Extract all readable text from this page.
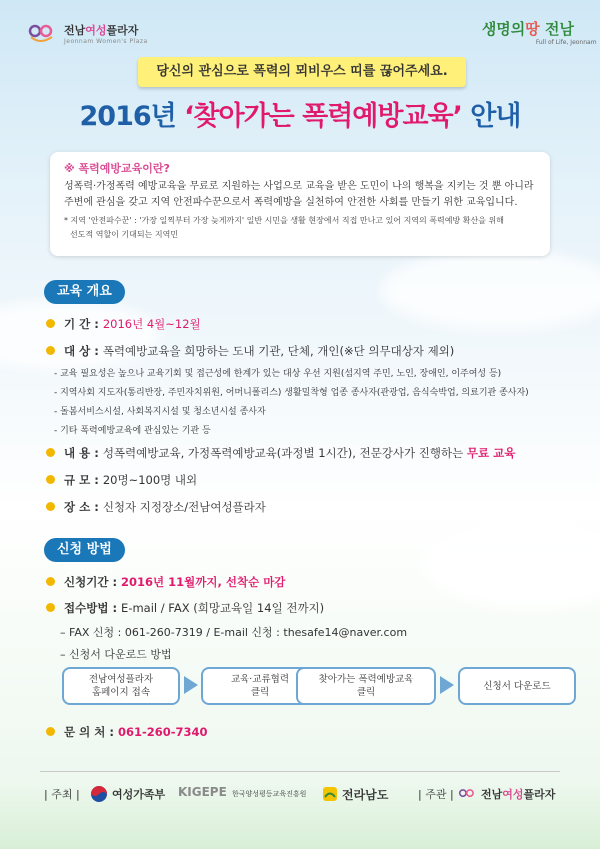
전남여성플라자
Jeonnam Women's Plaza
생명의땅 전남
Full of Life, Jeonnam
당신의 관심으로 폭력의 뫼비우스 띠를 끊어주세요.
2016년 ‘찾아가는 폭력예방교육’ 안내
※ 폭력예방교육이란?
성폭력·가정폭력 예방교육을 무료로 지원하는 사업으로 교육을 받은 도민이 나의 행복을 지키는 것 뿐 아니라
주변에 관심을 갖고 지역 안전파수꾼으로서 폭력예방을 실천하여 안전한 사회를 만들기 위한 교육입니다.
* 지역 '안전파수꾼' : '가장 일찍부터 가장 늦게까지' 일반 시민을 생활 현장에서 직접 만나고 있어 지역의 폭력예방 확산을 위해
선도적 역할이 기대되는 지역민
교육 개요
기 간 : 2016년 4월~12월
대 상 : 폭력예방교육을 희망하는 도내 기관, 단체, 개인(※단 의무대상자 제외)
- 교육 필요성은 높으나 교육기회 및 접근성에 한계가 있는 대상 우선 지원(섬지역 주민, 노인, 장애인, 이주여성 등)
- 지역사회 지도자(통리반장, 주민자치위원, 어머니폴리스) 생활밀착형 업종 종사자(관광업, 음식숙박업, 의료기관 종사자)
- 돌봄서비스시설, 사회복지시설 및 청소년시설 종사자
- 기타 폭력예방교육에 관심있는 기관 등
내 용 : 성폭력예방교육, 가정폭력예방교육(과정별 1시간), 전문강사가 진행하는 무료 교육
규 모 : 20명~100명 내외
장 소 : 신청자 지정장소/전남여성플라자
신청 방법
신청기간 : 2016년 11월까지, 선착순 마감
접수방법 : E-mail / FAX (희망교육일 14일 전까지)
– FAX 신청 : 061-260-7319 / E-mail 신청 : thesafe14@naver.com
– 신청서 다운로드 방법
전남여성플라자
홈페이지 접속
교육·교류협력
클릭
찾아가는 폭력예방교육
클릭
신청서 다운로드
문 의 처 : 061-260-7340
| 주최 |	여성가족부 KIGEPE 한국양성평등교육진흥원	전라남도	| 주관 | 전남여성플라자
